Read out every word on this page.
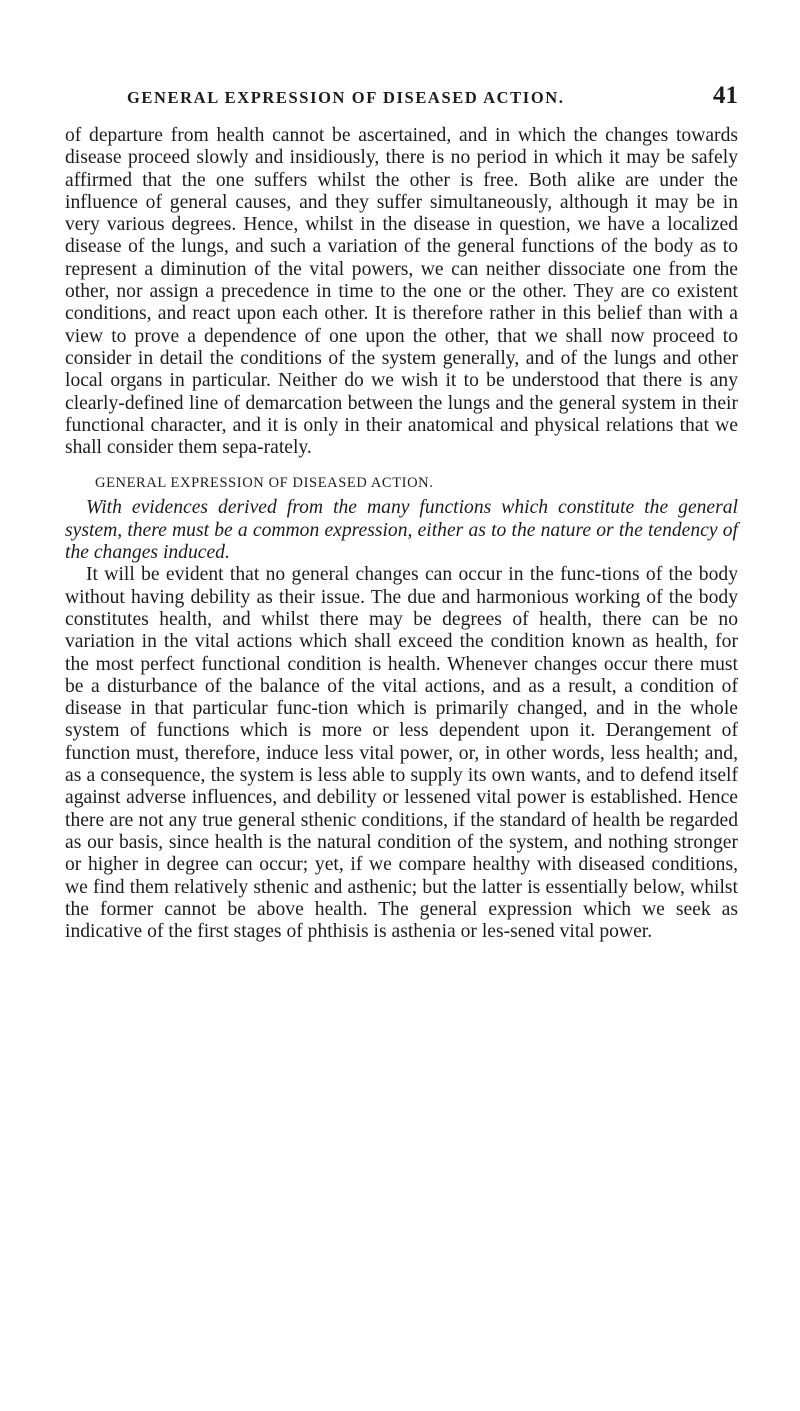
GENERAL EXPRESSION OF DISEASED ACTION.	41

of departure from health cannot be ascertained, and in which the changes towards disease proceed slowly and insidiously, there is no period in which it may be safely affirmed that the one suffers whilst the other is free. Both alike are under the influence of general causes, and they suffer simultaneously, although it may be in very various degrees. Hence, whilst in the disease in question, we have a localized disease of the lungs, and such a variation of the general functions of the body as to represent a diminution of the vital powers, we can neither dissociate one from the other, nor assign a precedence in time to the one or the other. They are co existent conditions, and react upon each other. It is therefore rather in this belief than with a view to prove a dependence of one upon the other, that we shall now proceed to consider in detail the conditions of the system generally, and of the lungs and other local organs in particular. Neither do we wish it to be understood that there is any clearly-defined line of demarcation between the lungs and the general system in their functional character, and it is only in their anatomical and physical relations that we shall consider them sepa-rately.

GENERAL EXPRESSION OF DISEASED ACTION.

With evidences derived from the many functions which constitute the general system, there must be a common expression, either as to the nature or the tendency of the changes induced.

It will be evident that no general changes can occur in the func-tions of the body without having debility as their issue. The due and harmonious working of the body constitutes health, and whilst there may be degrees of health, there can be no variation in the vital actions which shall exceed the condition known as health, for the most perfect functional condition is health. Whenever changes occur there must be a disturbance of the balance of the vital actions, and as a result, a condition of disease in that particular func-tion which is primarily changed, and in the whole system of functions which is more or less dependent upon it. Derangement of function must, therefore, induce less vital power, or, in other words, less health; and, as a consequence, the system is less able to supply its own wants, and to defend itself against adverse influences, and debility or lessened vital power is established. Hence there are not any true general sthenic conditions, if the standard of health be regarded as our basis, since health is the natural condition of the system, and nothing stronger or higher in degree can occur; yet, if we compare healthy with diseased conditions, we find them relatively sthenic and asthenic; but the latter is essentially below, whilst the former cannot be above health. The general expression which we seek as indicative of the first stages of phthisis is asthenia or les-sened vital power.
